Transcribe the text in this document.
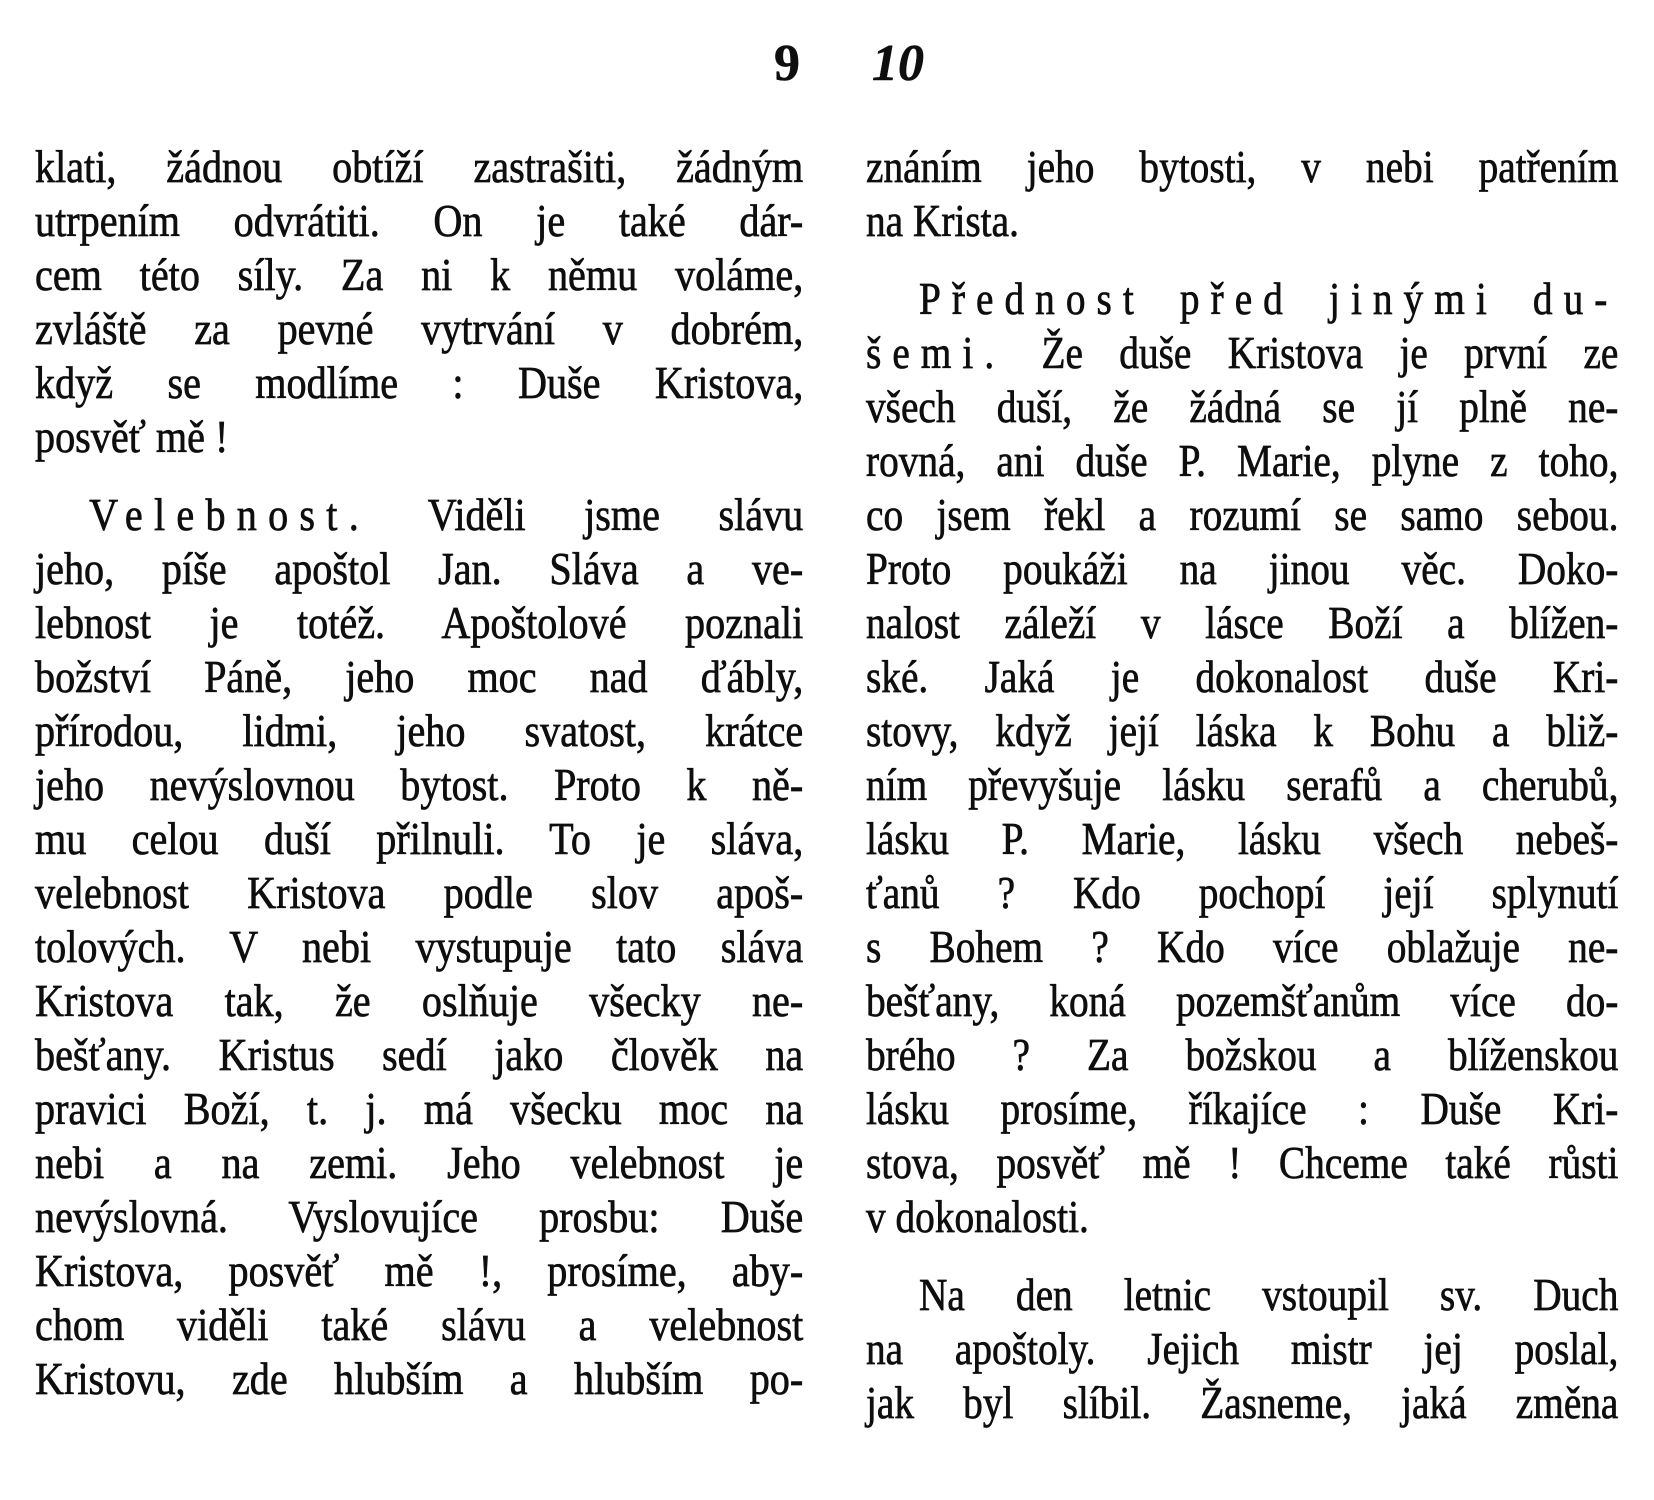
9 10
klati, žádnou obtíží zastrašiti, žádným
utrpením odvrátiti. On je také dár-
cem této síly. Za ni k němu voláme,
zvláště za pevné vytrvání v dobrém,
když se modlíme : Duše Kristova,
posvěť mě !
Velebnost. Viděli jsme slávu
jeho, píše apoštol Jan. Sláva a ve-
lebnost je totéž. Apoštolové poznali
božství Páně, jeho moc nad ďábly,
přírodou, lidmi, jeho svatost, krátce
jeho nevýslovnou bytost. Proto k ně-
mu celou duší přilnuli. To je sláva,
velebnost Kristova podle slov apoš-
tolových. V nebi vystupuje tato sláva
Kristova tak, že oslňuje všecky ne-
bešťany. Kristus sedí jako člověk na
pravici Boží, t. j. má všecku moc na
nebi a na zemi. Jeho velebnost je
nevýslovná. Vyslovujíce prosbu: Duše
Kristova, posvěť mě !, prosíme, aby-
chom viděli také slávu a velebnost
Kristovu, zde hlubším a hlubším po-
znáním jeho bytosti, v nebi patřením
na Krista.
Přednost před jinými du-
šemi. Že duše Kristova je první ze
všech duší, že žádná se jí plně ne-
rovná, ani duše P. Marie, plyne z toho,
co jsem řekl a rozumí se samo sebou.
Proto poukáži na jinou věc. Doko-
nalost záleží v lásce Boží a blížen-
ské. Jaká je dokonalost duše Kri-
stovy, když její láska k Bohu a bliž-
ním převyšuje lásku serafů a cherubů,
lásku P. Marie, lásku všech nebeš-
ťanů ? Kdo pochopí její splynutí
s Bohem ? Kdo více oblažuje ne-
bešťany, koná pozemšťanům více do-
brého ? Za božskou a blíženskou
lásku prosíme, říkajíce : Duše Kri-
stova, posvěť mě ! Chceme také růsti
v dokonalosti.
Na den letnic vstoupil sv. Duch
na apoštoly. Jejich mistr jej poslal,
jak byl slíbil. Žasneme, jaká změna
